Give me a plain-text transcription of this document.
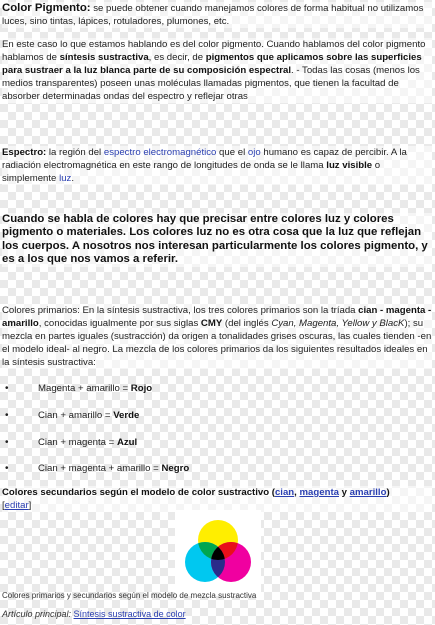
Color Pigmento: se puede obtener cuando manejamos colores de forma habitual no utilizamos luces, sino tintas, lápices, rotuladores, plumones, etc.
En este caso lo que estamos hablando es del color pigmento. Cuando hablamos del color pigmento hablamos de síntesis sustractiva, es decir, de pigmentos que aplicamos sobre las superficies para sustraer a la luz blanca parte de su composición espectral. - Todas las cosas (menos los medios transparentes) poseen unas moléculas llamadas pigmentos, que tienen la facultad de absorber determinadas ondas del espectro y reflejar otras
Espectro: la región del espectro electromagnético que el ojo humano es capaz de percibir. A la radiación electromagnética en este rango de longitudes de onda se le llama luz visible o simplemente luz.
Cuando se habla de colores hay que precisar entre colores luz y colores pigmento o materiales. Los colores luz no es otra cosa que la luz que reflejan los cuerpos. A nosotros nos interesan particularmente los colores pigmento, y es a los que nos vamos a referir.
Colores primarios: En la síntesis sustractiva, los tres colores primarios son la tríada cian - magenta - amarillo, conocidas igualmente por sus siglas CMY (del inglés Cyan, Magenta, Yellow y BlacK); su mezcla en partes iguales (sustracción) da origen a tonalidades grises oscuras, las cuales tienden -en el modelo ideal- al negro. La mezcla de los colores primarios da los siguientes resultados ideales en la síntesis sustractiva:
•	Magenta + amarillo = Rojo
•	Cian + amarillo = Verde
•	Cian + magenta = Azul
•	Cian + magenta + amarillo = Negro
Colores secundarios según el modelo de color sustractivo (cian, magenta y amarillo)
[editar]
Colores primarios y secundarios según el modelo de mezcla sustractiva
Artículo principal: Síntesis sustractiva de color
